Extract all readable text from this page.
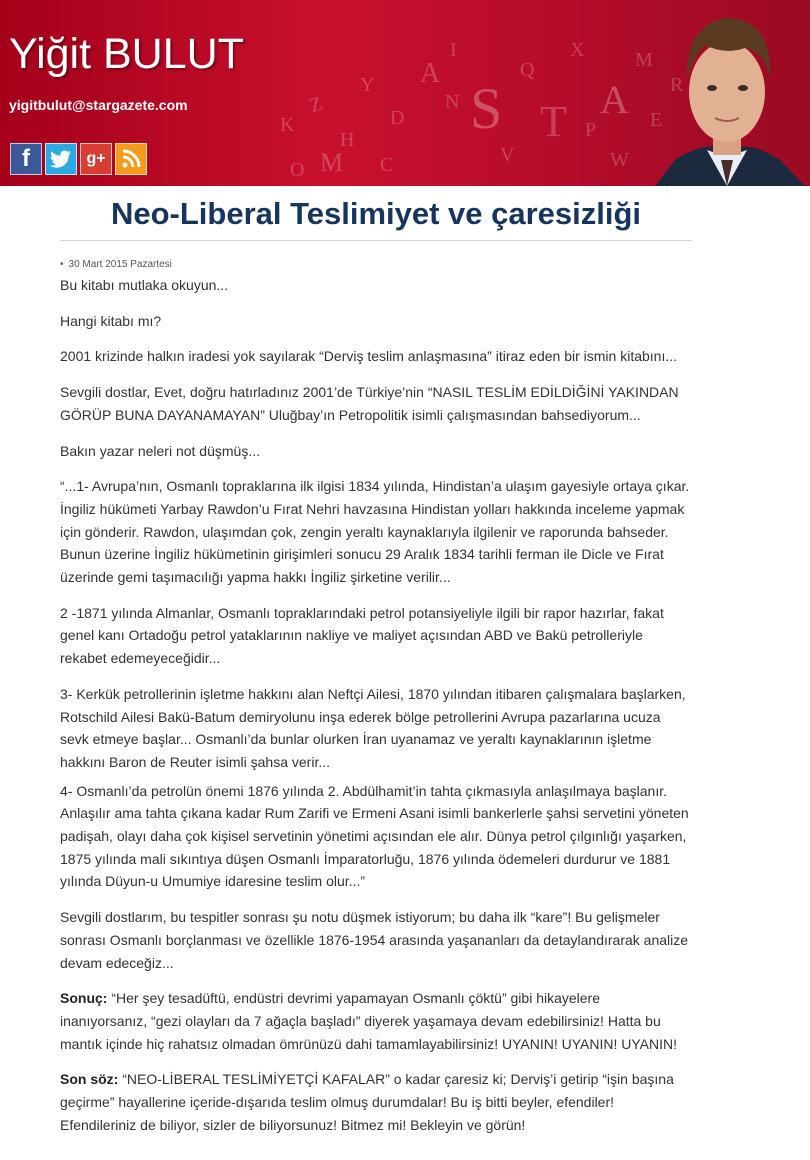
K
Z
H
Y
D
A
N S
Q
T
X
P
A
M
E
R
O M C	V	W
I
Yiğit BULUT
yigitbulut@stargazete.com
f	g+
Neo-Liberal Teslimiyet ve çaresizliği
• 30 Mart 2015 Pazartesi

Bu kitabı mutlaka okuyun...

Hangi kitabı mı?

2001 krizinde halkın iradesi yok sayılarak “Derviş teslim anlaşmasına” itiraz eden bir ismin kitabını...

Sevgili dostlar, Evet, doğru hatırladınız 2001’de Türkiye’nin “NASIL TESLİM EDİLDİĞİNİ YAKINDAN GÖRÜP BUNA DAYANAMAYAN” Uluğbay’ın Petropolitik isimli çalışmasından bahsediyorum...

Bakın yazar neleri not düşmüş...

“...1- Avrupa’nın, Osmanlı topraklarına ilk ilgisi 1834 yılında, Hindistan’a ulaşım gayesiyle ortaya çıkar. İngiliz hükümeti Yarbay Rawdon’u Fırat Nehri havzasına Hindistan yolları hakkında inceleme yapmak için gönderir. Rawdon, ulaşımdan çok, zengin yeraltı kaynaklarıyla ilgilenir ve raporunda bahseder. Bunun üzerine İngiliz hükümetinin girişimleri sonucu 29 Aralık 1834 tarihli ferman ile Dicle ve Fırat üzerinde gemi taşımacılığı yapma hakkı İngiliz şirketine verilir...

2 -1871 yılında Almanlar, Osmanlı topraklarındaki petrol potansiyeliyle ilgili bir rapor hazırlar, fakat genel kanı Ortadoğu petrol yataklarının nakliye ve maliyet açısından ABD ve Bakü petrolleriyle rekabet edemeyeceğidir...

3- Kerkük petrollerinin işletme hakkını alan Neftçi Ailesi, 1870 yılından itibaren çalışmalara başlarken, Rotschild Ailesi Bakü-Batum demiryolunu inşa ederek bölge petrollerini Avrupa pazarlarına ucuza sevk etmeye başlar... Osmanlı’da bunlar olurken İran uyanamaz ve yeraltı kaynaklarının işletme hakkını Baron de Reuter isimli şahsa verir...

4- Osmanlı’da petrolün önemi 1876 yılında 2. Abdülhamit’in tahta çıkmasıyla anlaşılmaya başlanır. Anlaşılır ama tahta çıkana kadar Rum Zarifi ve Ermeni Asani isimli bankerlerle şahsi servetini yöneten padişah, olayı daha çok kişisel servetinin yönetimi açısından ele alır. Dünya petrol çılgınlığı yaşarken, 1875 yılında mali sıkıntıya düşen Osmanlı İmparatorluğu, 1876 yılında ödemeleri durdurur ve 1881 yılında Düyun-u Umumiye idaresine teslim olur...”

Sevgili dostlarım, bu tespitler sonrası şu notu düşmek istiyorum; bu daha ilk “kare”! Bu gelişmeler sonrası Osmanlı borçlanması ve özellikle 1876-1954 arasında yaşananları da detaylandırarak analize devam edeceğiz...

Sonuç: “Her şey tesadüftü, endüstri devrimi yapamayan Osmanlı çöktü” gibi hikayelere inanıyorsanız, “gezi olayları da 7 ağaçla başladı” diyerek yaşamaya devam edebilirsiniz! Hatta bu mantık içinde hiç rahatsız olmadan ömrünüzü dahi tamamlayabilirsiniz! UYANIN! UYANIN! UYANIN!

Son söz: “NEO-LİBERAL TESLİMİYETÇİ KAFALAR” o kadar çaresiz ki; Derviş’i getirip “işin başına geçirme” hayallerine içeride-dışarıda teslim olmuş durumdalar! Bu iş bitti beyler, efendiler! Efendileriniz de biliyor, sizler de biliyorsunuz! Bitmez mi! Bekleyin ve görün!
